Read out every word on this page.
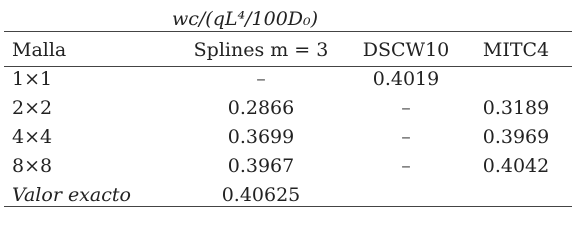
wc/(qL⁴/100D₀)
Malla	Splines m = 3	DSCW10	MITC4
1×1	–	0.4019
2×2	0.2866	–	0.3189
4×4	0.3699	–	0.3969
8×8	0.3967	–	0.4042
Valor exacto	0.40625
